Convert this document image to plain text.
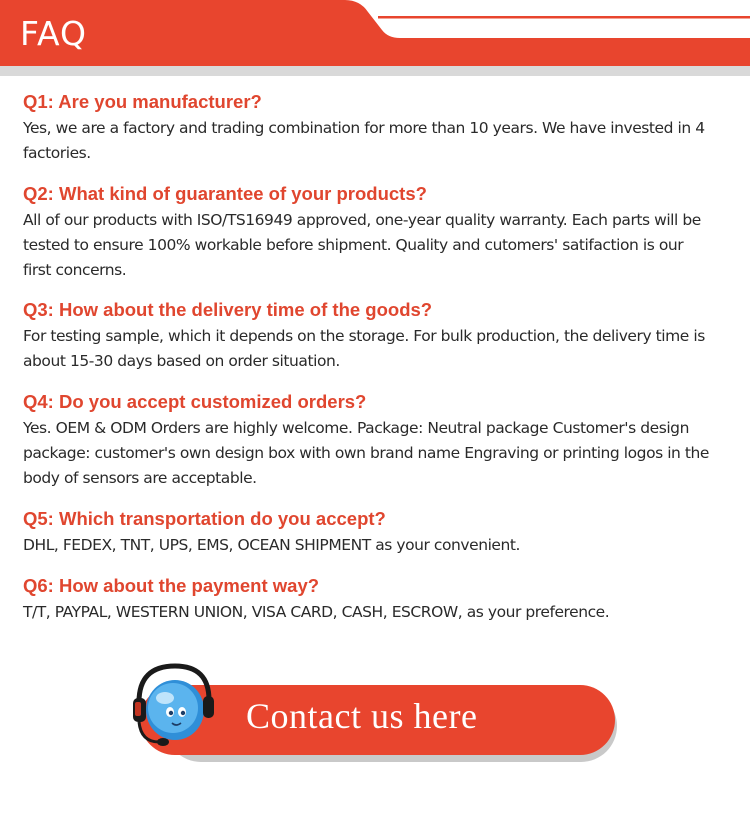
FAQ

Q1: Are you manufacturer?

Yes, we are a factory and trading combination for more than 10 years. We have invested in 4 factories.

Q2: What kind of guarantee of your products?

All of our products with ISO/TS16949 approved, one-year quality warranty. Each parts will be tested to ensure 100% workable before shipment. Quality and cutomers' satifaction is our first concerns.

Q3: How about the delivery time of the goods?

For testing sample, which it depends on the storage. For bulk production, the delivery time is about 15-30 days based on order situation.

Q4: Do you accept customized orders?

Yes. OEM & ODM Orders are highly welcome. Package: Neutral package Customer's design package: customer's own design box with own brand name Engraving or printing logos in the body of sensors are acceptable.

Q5: Which transportation do you accept?

DHL, FEDEX, TNT, UPS, EMS, OCEAN SHIPMENT as your convenient.

Q6: How about the payment way?

T/T, PAYPAL, WESTERN UNION, VISA CARD, CASH, ESCROW, as your preference.

Contact us here
